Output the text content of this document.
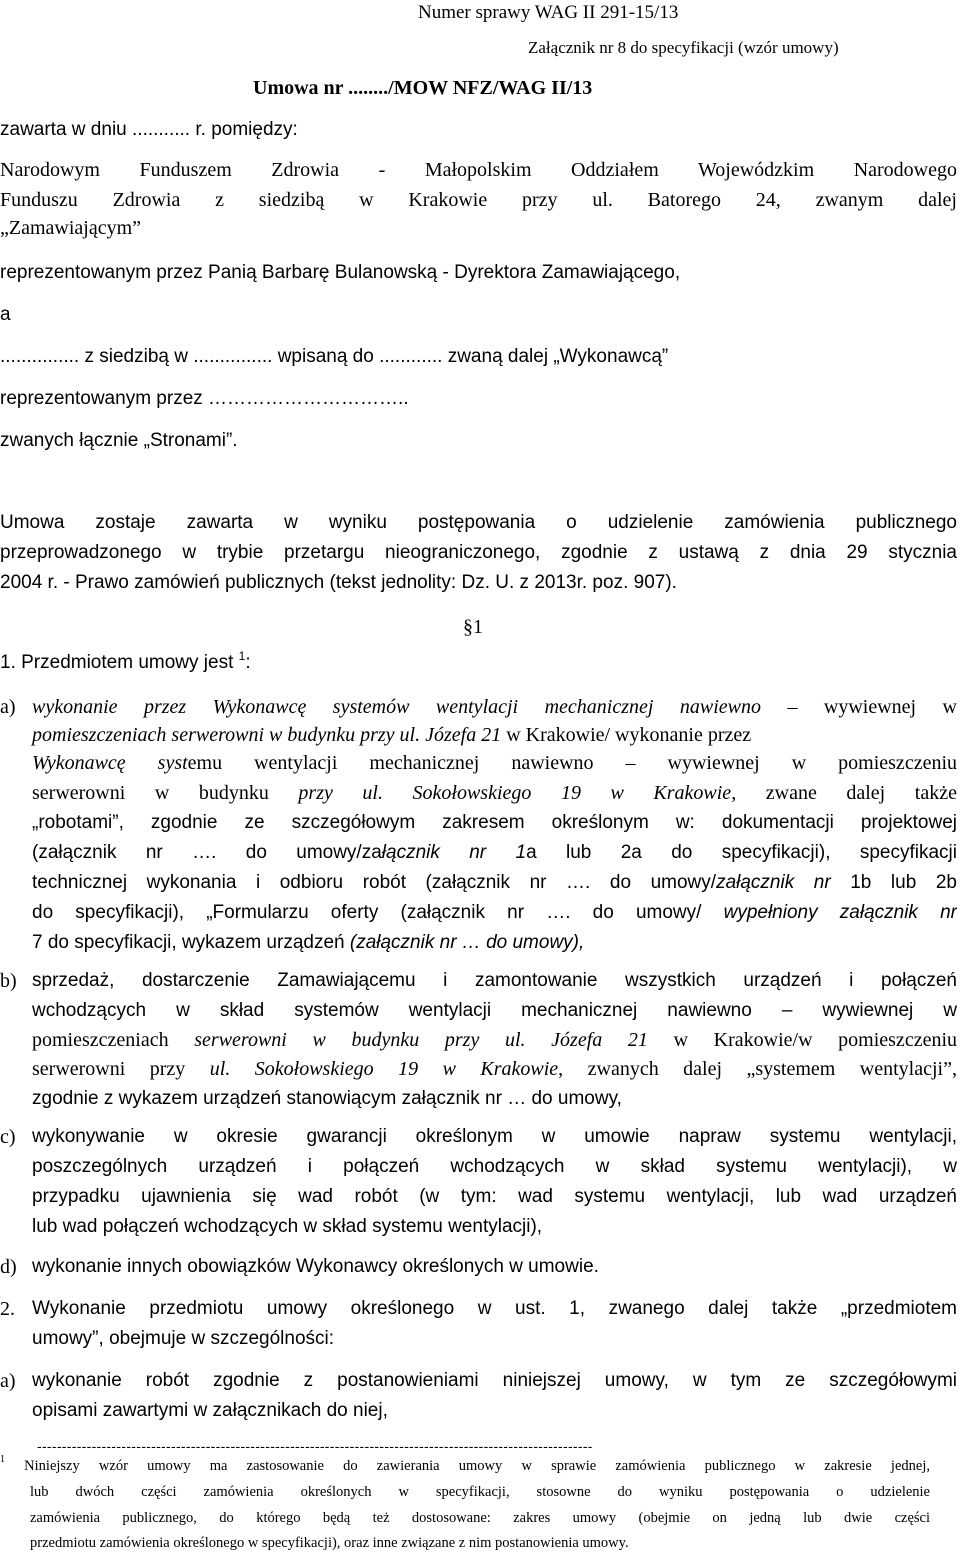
Numer sprawy WAG II 291-15/13
Załącznik nr 8 do specyfikacji (wzór umowy)
Umowa nr ......../MOW NFZ/WAG II/13
zawarta w dniu ........... r. pomiędzy:
Narodowym Funduszem Zdrowia - Małopolskim Oddziałem Wojewódzkim Narodowego
Funduszu Zdrowia z siedzibą w Krakowie przy ul. Batorego 24, zwanym dalej
„Zamawiającym”
reprezentowanym przez Panią Barbarę Bulanowską - Dyrektora Zamawiającego,
a
............... z siedzibą w ............... wpisaną do ............ zwaną dalej „Wykonawcą”
reprezentowanym przez …………………………..
zwanych łącznie „Stronami”.
Umowa zostaje zawarta w wyniku postępowania o udzielenie zamówienia publicznego
przeprowadzonego w trybie przetargu nieograniczonego, zgodnie z ustawą z dnia 29 stycznia
2004 r. - Prawo zamówień publicznych (tekst jednolity: Dz. U. z 2013r. poz. 907).
§1
1. Przedmiotem umowy jest $^1$:
a) wykonanie przez Wykonawcę systemów wentylacji mechanicznej nawiewno – wywiewnej w
pomieszczeniach serwerowni w budynku przy ul. Józefa 21 w Krakowie/ wykonanie przez
Wykonawcę systemu wentylacji mechanicznej nawiewno – wywiewnej w pomieszczeniu
serwerowni w budynku przy ul. Sokołowskiego 19 w Krakowie, zwane dalej także
„robotami”, zgodnie ze szczegółowym zakresem określonym w: dokumentacji projektowej
(załącznik nr …. do umowy/załącznik nr 1a lub 2a do specyfikacji), specyfikacji
technicznej wykonania i odbioru robót (załącznik nr …. do umowy/załącznik nr 1b lub 2b
do specyfikacji), „Formularzu oferty (załącznik nr …. do umowy/ wypełniony załącznik nr
7 do specyfikacji, wykazem urządzeń (załącznik nr … do umowy),
b) sprzedaż, dostarczenie Zamawiającemu i zamontowanie wszystkich urządzeń i połączeń
wchodzących w skład systemów wentylacji mechanicznej nawiewno – wywiewnej w
pomieszczeniach serwerowni w budynku przy ul. Józefa 21 w Krakowie/w pomieszczeniu
serwerowni przy ul. Sokołowskiego 19 w Krakowie, zwanych dalej „systemem wentylacji”,
zgodnie z wykazem urządzeń stanowiącym załącznik nr … do umowy,
c) wykonywanie w okresie gwarancji określonym w umowie napraw systemu wentylacji,
poszczególnych urządzeń i połączeń wchodzących w skład systemu wentylacji), w
przypadku ujawnienia się wad robót (w tym: wad systemu wentylacji, lub wad urządzeń
lub wad połączeń wchodzących w skład systemu wentylacji),
d) wykonanie innych obowiązków Wykonawcy określonych w umowie.
2. Wykonanie przedmiotu umowy określonego w ust. 1, zwanego dalej także „przedmiotem
umowy”, obejmuje w szczególności:
a) wykonanie robót zgodnie z postanowieniami niniejszej umowy, w tym ze szczegółowymi
opisami zawartymi w załącznikach do niej,
----------------------------------------------------------------------------------------------------------------
$^1$ Niniejszy wzór umowy ma zastosowanie do zawierania umowy w sprawie zamówienia publicznego w zakresie jednej,
lub dwóch części zamówienia określonych w specyfikacji, stosowne do wyniku postępowania o udzielenie
zamówienia publicznego, do którego będą też dostosowane: zakres umowy (obejmie on jedną lub dwie części
przedmiotu zamówienia określonego w specyfikacji), oraz inne związane z nim postanowienia umowy.
